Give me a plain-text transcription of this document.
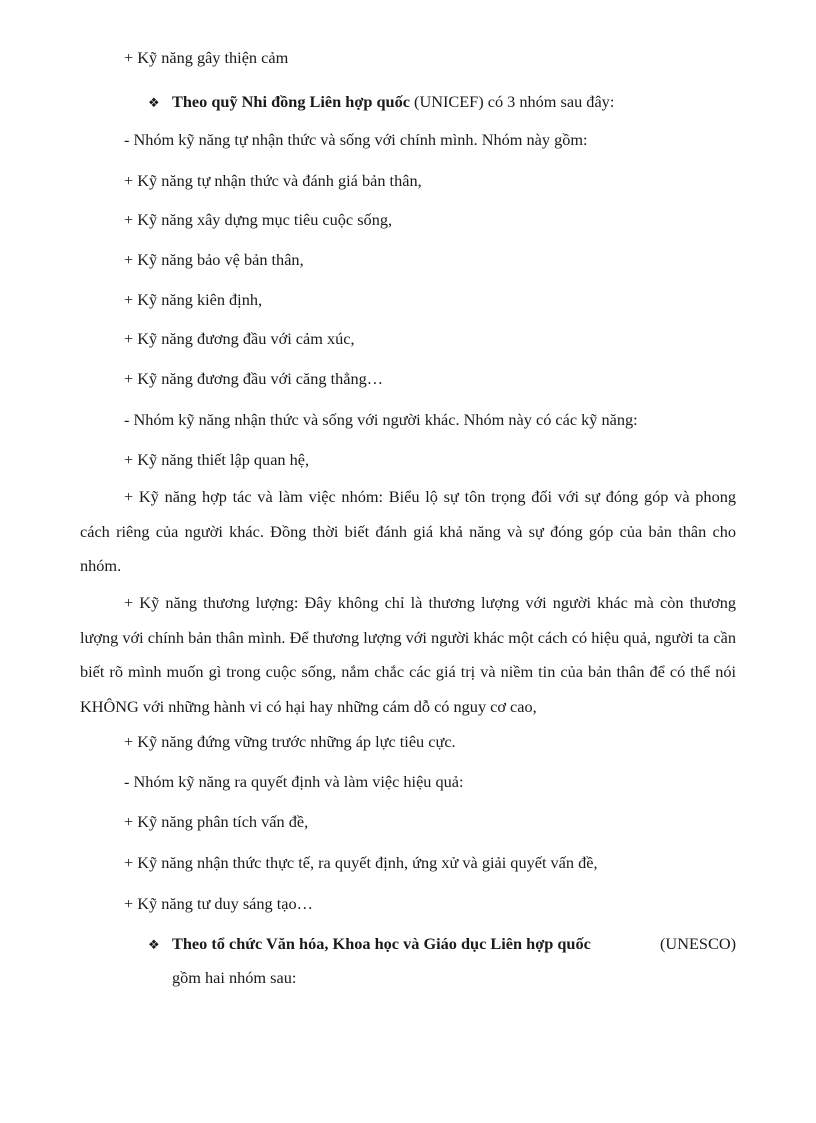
+ Kỹ năng gây thiện cảm
❖ Theo quỹ Nhi đồng Liên hợp quốc (UNICEF) có 3 nhóm sau đây:
- Nhóm kỹ năng tự nhận thức và sống với chính mình. Nhóm này gồm:
+ Kỹ năng tự nhận thức và đánh giá bản thân,
+ Kỹ năng xây dựng mục tiêu cuộc sống,
+ Kỹ năng bảo vệ bản thân,
+ Kỹ năng kiên định,
+ Kỹ năng đương đầu với cảm xúc,
+ Kỹ năng đương đầu với căng thẳng…
- Nhóm kỹ năng nhận thức và sống với người khác. Nhóm này có các kỹ năng:
+ Kỹ năng thiết lập quan hệ,

+ Kỹ năng hợp tác và làm việc nhóm: Biểu lộ sự tôn trọng đối với sự đóng góp và phong cách riêng của người khác. Đồng thời biết đánh giá khả năng và sự đóng góp của bản thân cho nhóm.

+ Kỹ năng thương lượng: Đây không chỉ là thương lượng với người khác mà còn thương lượng với chính bản thân mình. Để thương lượng với người khác một cách có hiệu quả, người ta cần biết rõ mình muốn gì trong cuộc sống, nắm chắc các giá trị và niềm tin của bản thân để có thể nói KHÔNG với những hành vi có hại hay những cám dỗ có nguy cơ cao,

+ Kỹ năng đứng vững trước những áp lực tiêu cực.
- Nhóm kỹ năng ra quyết định và làm việc hiệu quả:
+ Kỹ năng phân tích vấn đề,
+ Kỹ năng nhận thức thực tế, ra quyết định, ứng xử và giải quyết vấn đề,
+ Kỹ năng tư duy sáng tạo…
❖ Theo tổ chức Văn hóa, Khoa học và Giáo dục Liên hợp quốc	(UNESCO)
gồm hai nhóm sau:
